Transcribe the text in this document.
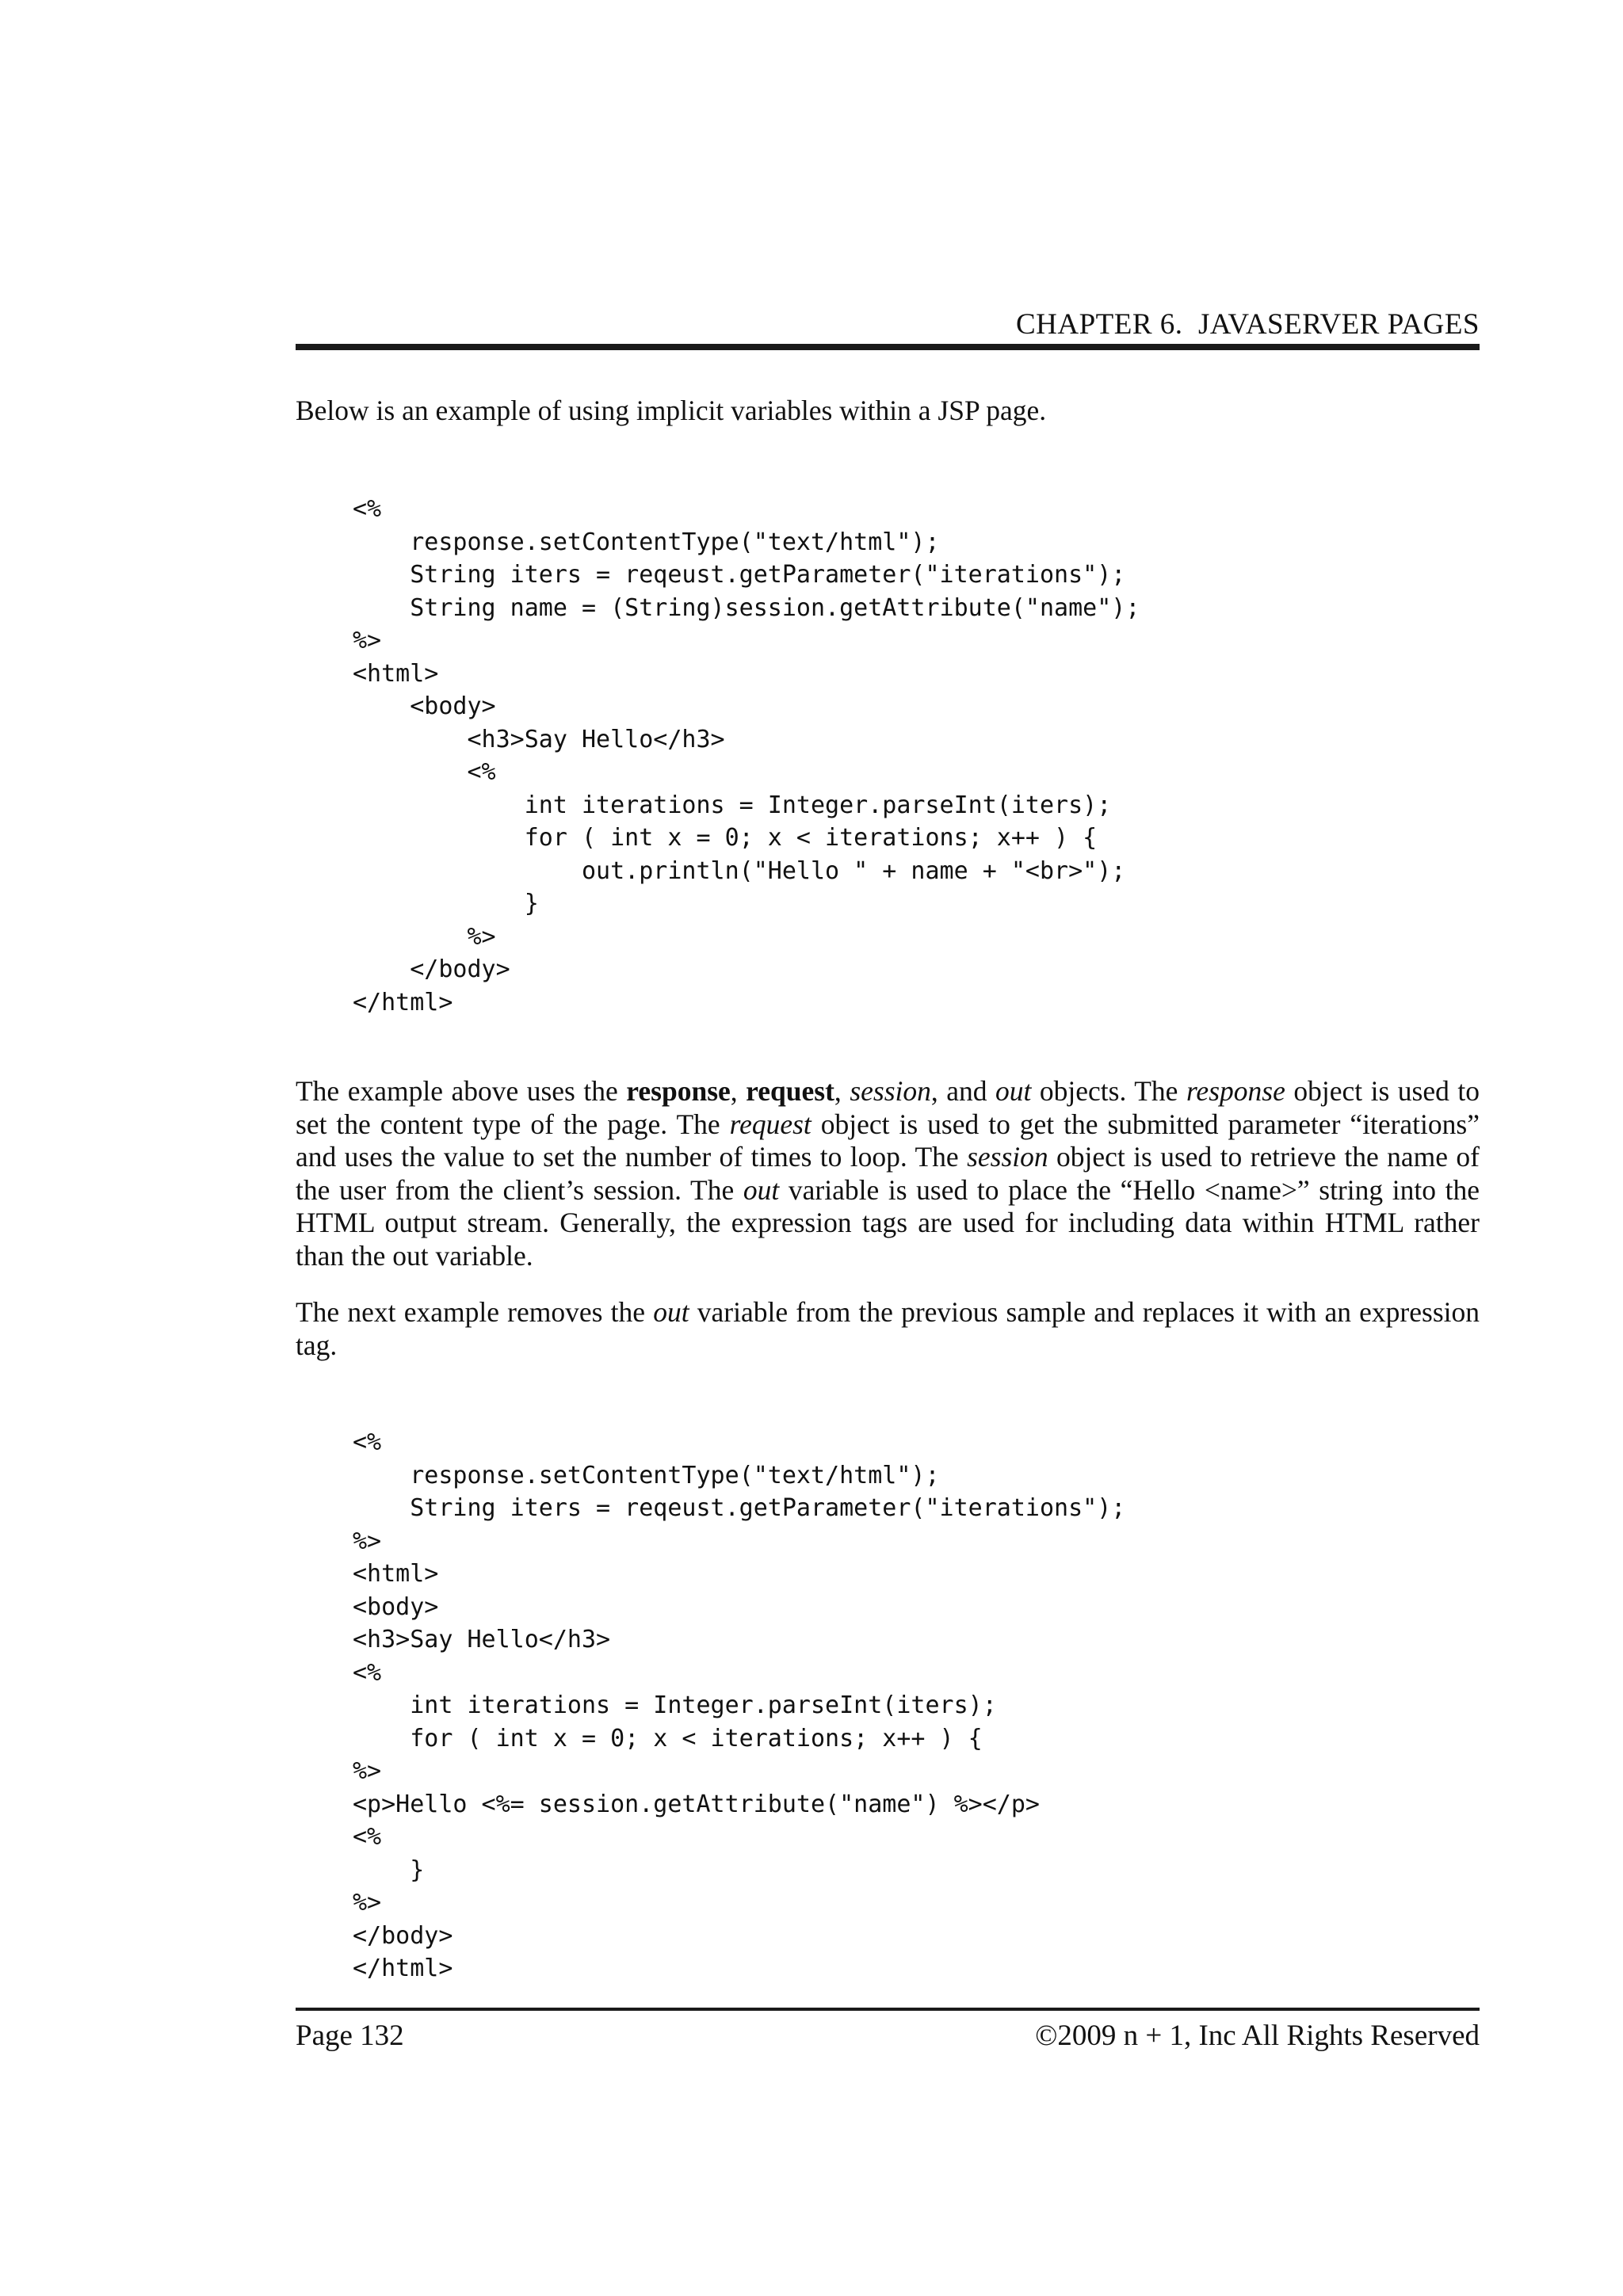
CHAPTER 6.  JAVASERVER PAGES

Below is an example of using implicit variables within a JSP page.

<%
response.setContentType("text/html");
String iters = reqeust.getParameter("iterations");
String name = (String)session.getAttribute("name");
%>
<html>
<body>
<h3>Say Hello</h3>
<%
int iterations = Integer.parseInt(iters);
for ( int x = 0; x < iterations; x++ ) {
out.println("Hello " + name + "<br>");
}
%>
</body>
</html>

The example above uses the response, request, session, and out objects. The response object is used to set the content type of the page. The request object is used to get the submitted parameter “iterations” and uses the value to set the number of times to loop. The session object is used to retrieve the name of the user from the client’s session. The out variable is used to place the “Hello <name>” string into the HTML output stream. Generally, the expression tags are used for including data within HTML rather than the out variable.

The next example removes the out variable from the previous sample and replaces it with an expression tag.

<%
response.setContentType("text/html");
String iters = reqeust.getParameter("iterations");
%>
<html>
<body>
<h3>Say Hello</h3>
<%
int iterations = Integer.parseInt(iters);
for ( int x = 0; x < iterations; x++ ) {
%>
<p>Hello <%= session.getAttribute("name") %></p>
<%
}
%>
</body>
</html>
Page 132	©2009 n + 1, Inc All Rights Reserved
